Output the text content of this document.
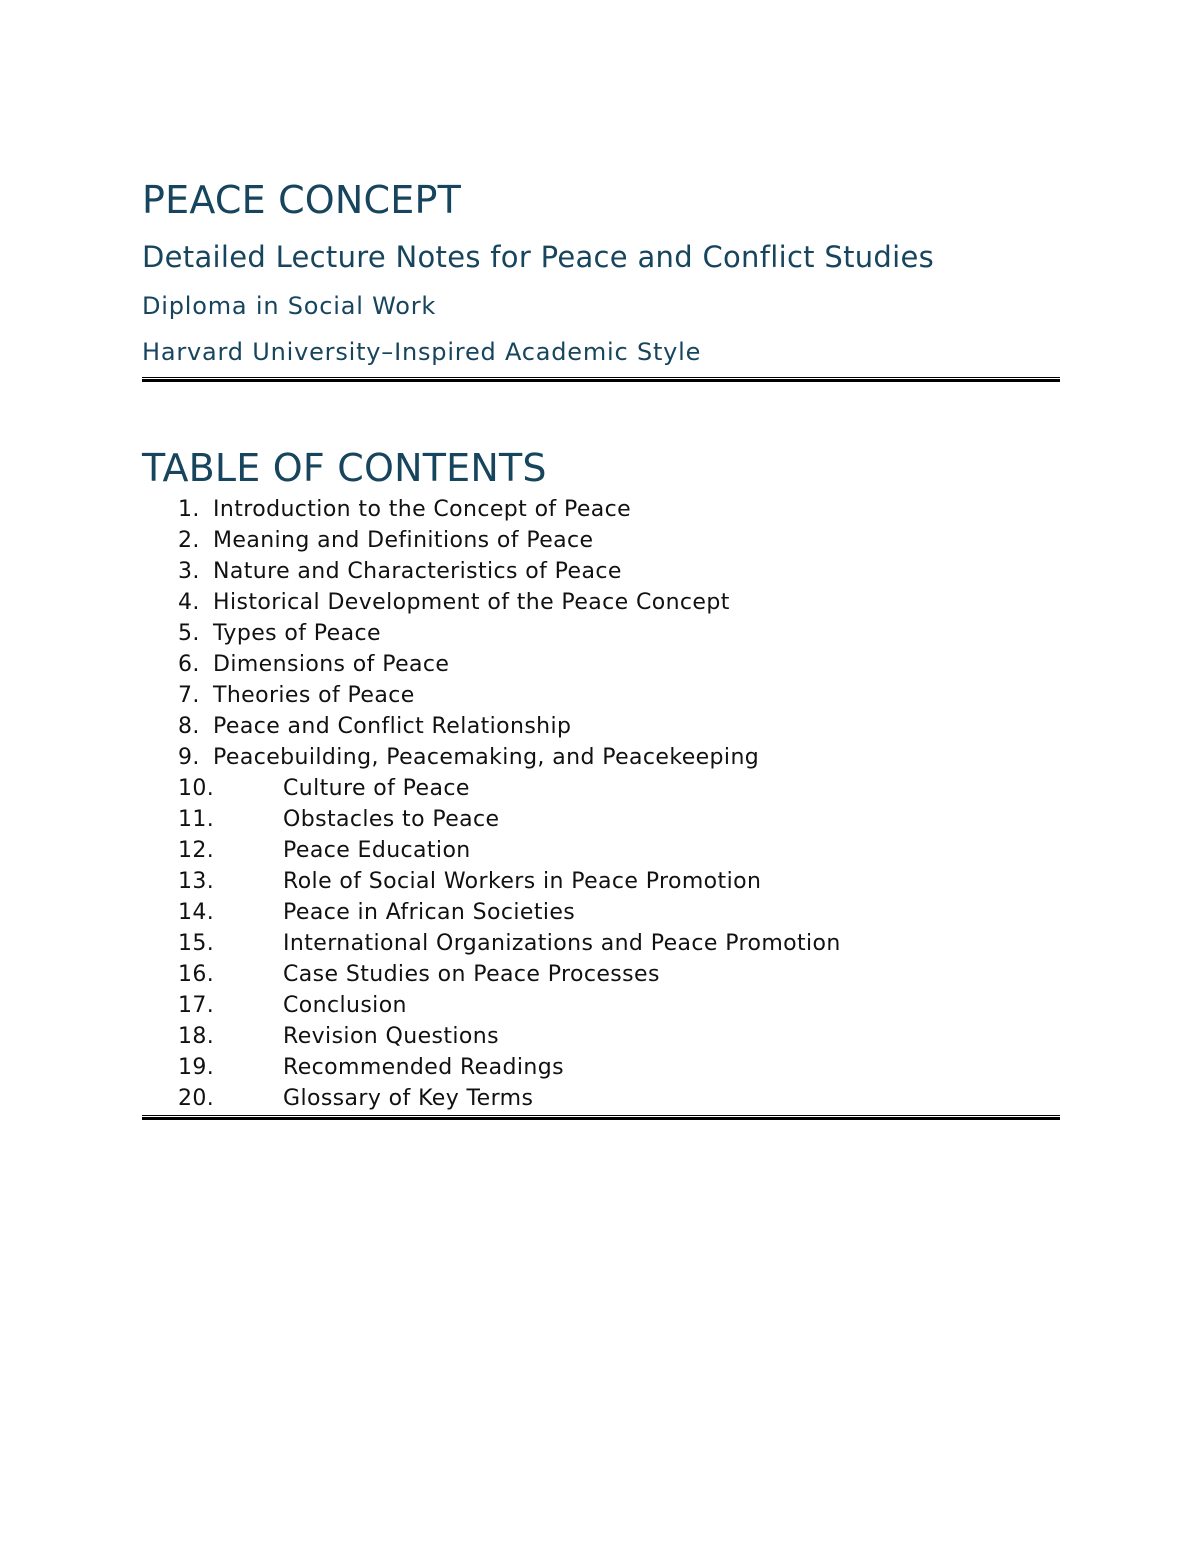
PEACE CONCEPT
Detailed Lecture Notes for Peace and Conflict Studies
Diploma in Social Work
Harvard University–Inspired Academic Style
TABLE OF CONTENTS
1. Introduction to the Concept of Peace
2. Meaning and Definitions of Peace
3. Nature and Characteristics of Peace
4. Historical Development of the Peace Concept
5. Types of Peace
6. Dimensions of Peace
7. Theories of Peace
8. Peace and Conflict Relationship
9. Peacebuilding, Peacemaking, and Peacekeeping
10.	Culture of Peace
11.	Obstacles to Peace
12.	Peace Education
13.	Role of Social Workers in Peace Promotion
14.	Peace in African Societies
15.	International Organizations and Peace Promotion
16.	Case Studies on Peace Processes
17.	Conclusion
18.	Revision Questions
19.	Recommended Readings
20.	Glossary of Key Terms
